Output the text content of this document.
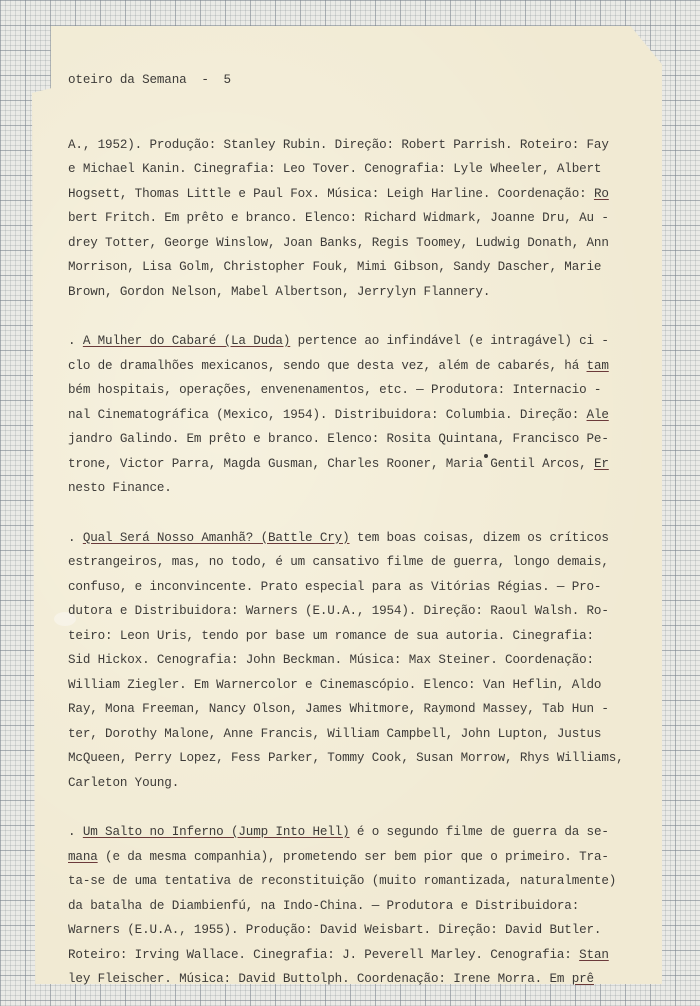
oteiro da Semana  -  5

A., 1952). Produção: Stanley Rubin. Direção: Robert Parrish. Roteiro: Fay
e Michael Kanin. Cinegrafia: Leo Tover. Cenografia: Lyle Wheeler, Albert
Hogsett, Thomas Little e Paul Fox. Música: Leigh Harline. Coordenação: Ro
bert Fritch. Em prêto e branco. Elenco: Richard Widmark, Joanne Dru, Au -
drey Totter, George Winslow, Joan Banks, Regis Toomey, Ludwig Donath, Ann
Morrison, Lisa Golm, Christopher Fouk, Mimi Gibson, Sandy Dascher, Marie
Brown, Gordon Nelson, Mabel Albertson, Jerrylyn Flannery.
. A Mulher do Cabaré (La Duda) pertence ao infindável (e intragável) ci -
clo de dramalhões mexicanos, sendo que desta vez, além de cabarés, há tam
bém hospitais, operações, envenenamentos, etc. — Produtora: Internacio -
nal Cinematográfica (Mexico, 1954). Distribuidora: Columbia. Direção: Ale
jandro Galindo. Em prêto e branco. Elenco: Rosita Quintana, Francisco Pe-
trone, Victor Parra, Magda Gusman, Charles Rooner, Maria Gentil Arcos, Er
nesto Finance.
. Qual Será Nosso Amanhã? (Battle Cry) tem boas coisas, dizem os críticos
estrangeiros, mas, no todo, é um cansativo filme de guerra, longo demais,
confuso, e inconvincente. Prato especial para as Vitórias Régias. — Pro-
dutora e Distribuidora: Warners (E.U.A., 1954). Direção: Raoul Walsh. Ro-
teiro: Leon Uris, tendo por base um romance de sua autoria. Cinegrafia:
Sid Hickox. Cenografia: John Beckman. Música: Max Steiner. Coordenação:
William Ziegler. Em Warnercolor e Cinemascópio. Elenco: Van Heflin, Aldo
Ray, Mona Freeman, Nancy Olson, James Whitmore, Raymond Massey, Tab Hun -
ter, Dorothy Malone, Anne Francis, William Campbell, John Lupton, Justus
McQueen, Perry Lopez, Fess Parker, Tommy Cook, Susan Morrow, Rhys Williams,
Carleton Young.
. Um Salto no Inferno (Jump Into Hell) é o segundo filme de guerra da se-
mana (e da mesma companhia), prometendo ser bem pior que o primeiro. Tra-
ta-se de uma tentativa de reconstituição (muito romantizada, naturalmente)
da batalha de Diambienfú, na Indo-China. — Produtora e Distribuidora:
Warners (E.U.A., 1955). Produção: David Weisbart. Direção: David Butler.
Roteiro: Irving Wallace. Cinegrafia: J. Peverell Marley. Cenografia: Stan
ley Fleischer. Música: David Buttolph. Coordenação: Irene Morra. Em prê
